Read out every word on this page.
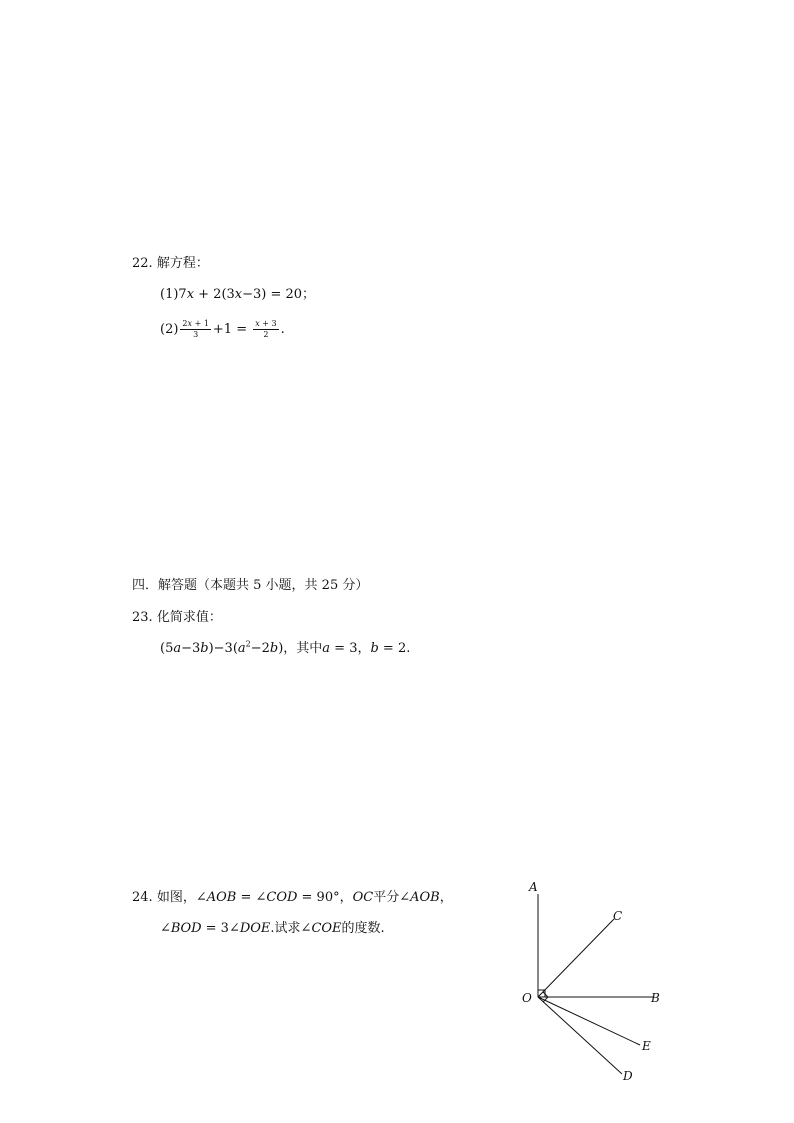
22. 解方程：
(1)7𝑥 + 2(3𝑥−3) = 20；
$(2) \frac{\text{2𝑥 + 1}}{3} +1 = \frac{\text{𝑥 + 3}}{2}$ .
四．解答题（本题共 5 小题，共 25 分）
23. 化简求值：
(5𝑎−3𝑏)−3(𝑎$^2$−2𝑏)，其中𝑎 = 3，𝑏 = 2.
24. 如图，∠𝐴𝑂𝐵 = ∠𝐶𝑂𝐷 = 90°，𝑂𝐶平分∠𝐴𝑂𝐵，
∠𝐵𝑂𝐷 = 3∠𝐷𝑂𝐸.试求∠𝐶𝑂𝐸的度数.
A
C
O	B
E
D
